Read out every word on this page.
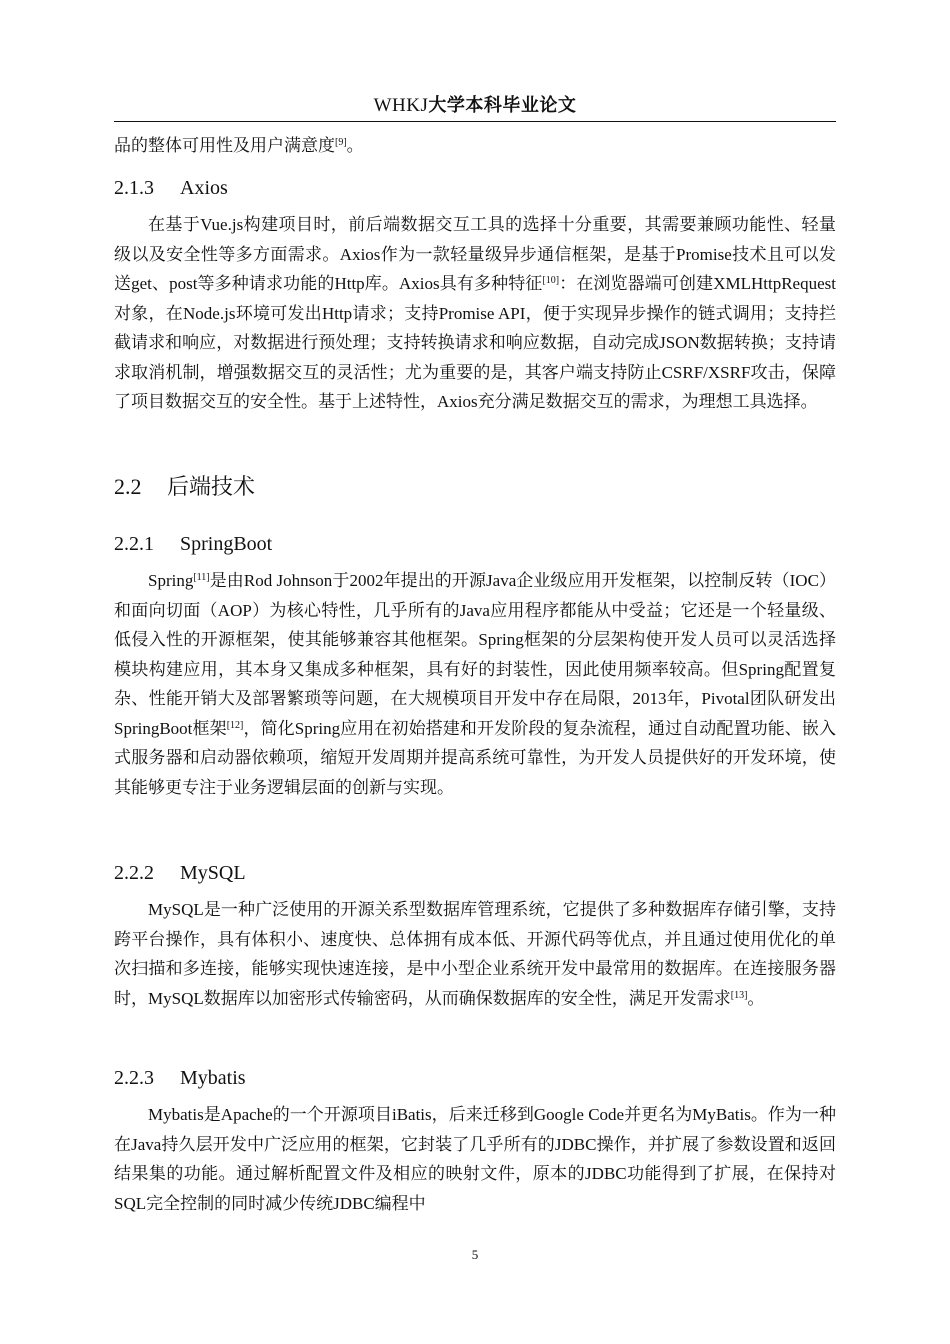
WHKJ大学本科毕业论文

品的整体可用性及用户满意度[9]。

2.1.3 Axios

在基于Vue.js构建项目时，前后端数据交互工具的选择十分重要，其需要兼顾功能性、轻量级以及安全性等多方面需求。Axios作为一款轻量级异步通信框架，是基于Promise技术且可以发送get、post等多种请求功能的Http库。Axios具有多种特征[10]：在浏览器端可创建XMLHttpRequest对象，在Node.js环境可发出Http请求；支持Promise API，便于实现异步操作的链式调用；支持拦截请求和响应，对数据进行预处理；支持转换请求和响应数据，自动完成JSON数据转换；支持请求取消机制，增强数据交互的灵活性；尤为重要的是，其客户端支持防止CSRF/XSRF攻击，保障了项目数据交互的安全性。基于上述特性，Axios充分满足数据交互的需求，为理想工具选择。

2.2 后端技术

2.2.1 SpringBoot

Spring[11]是由Rod Johnson于2002年提出的开源Java企业级应用开发框架，以控制反转（IOC）和面向切面（AOP）为核心特性，几乎所有的Java应用程序都能从中受益；它还是一个轻量级、低侵入性的开源框架，使其能够兼容其他框架。Spring框架的分层架构使开发人员可以灵活选择模块构建应用，其本身又集成多种框架，具有好的封装性，因此使用频率较高。但Spring配置复杂、性能开销大及部署繁琐等问题，在大规模项目开发中存在局限，2013年，Pivotal团队研发出SpringBoot框架[12]，简化Spring应用在初始搭建和开发阶段的复杂流程，通过自动配置功能、嵌入式服务器和启动器依赖项，缩短开发周期并提高系统可靠性，为开发人员提供好的开发环境，使其能够更专注于业务逻辑层面的创新与实现。

2.2.2 MySQL

MySQL是一种广泛使用的开源关系型数据库管理系统，它提供了多种数据库存储引擎，支持跨平台操作，具有体积小、速度快、总体拥有成本低、开源代码等优点，并且通过使用优化的单次扫描和多连接，能够实现快速连接，是中小型企业系统开发中最常用的数据库。在连接服务器时，MySQL数据库以加密形式传输密码，从而确保数据库的安全性，满足开发需求[13]。

2.2.3 Mybatis

Mybatis是Apache的一个开源项目iBatis，后来迁移到Google Code并更名为MyBatis。作为一种在Java持久层开发中广泛应用的框架，它封装了几乎所有的JDBC操作，并扩展了参数设置和返回结果集的功能。通过解析配置文件及相应的映射文件，原本的JDBC功能得到了扩展，在保持对SQL完全控制的同时减少传统JDBC编程中

5
